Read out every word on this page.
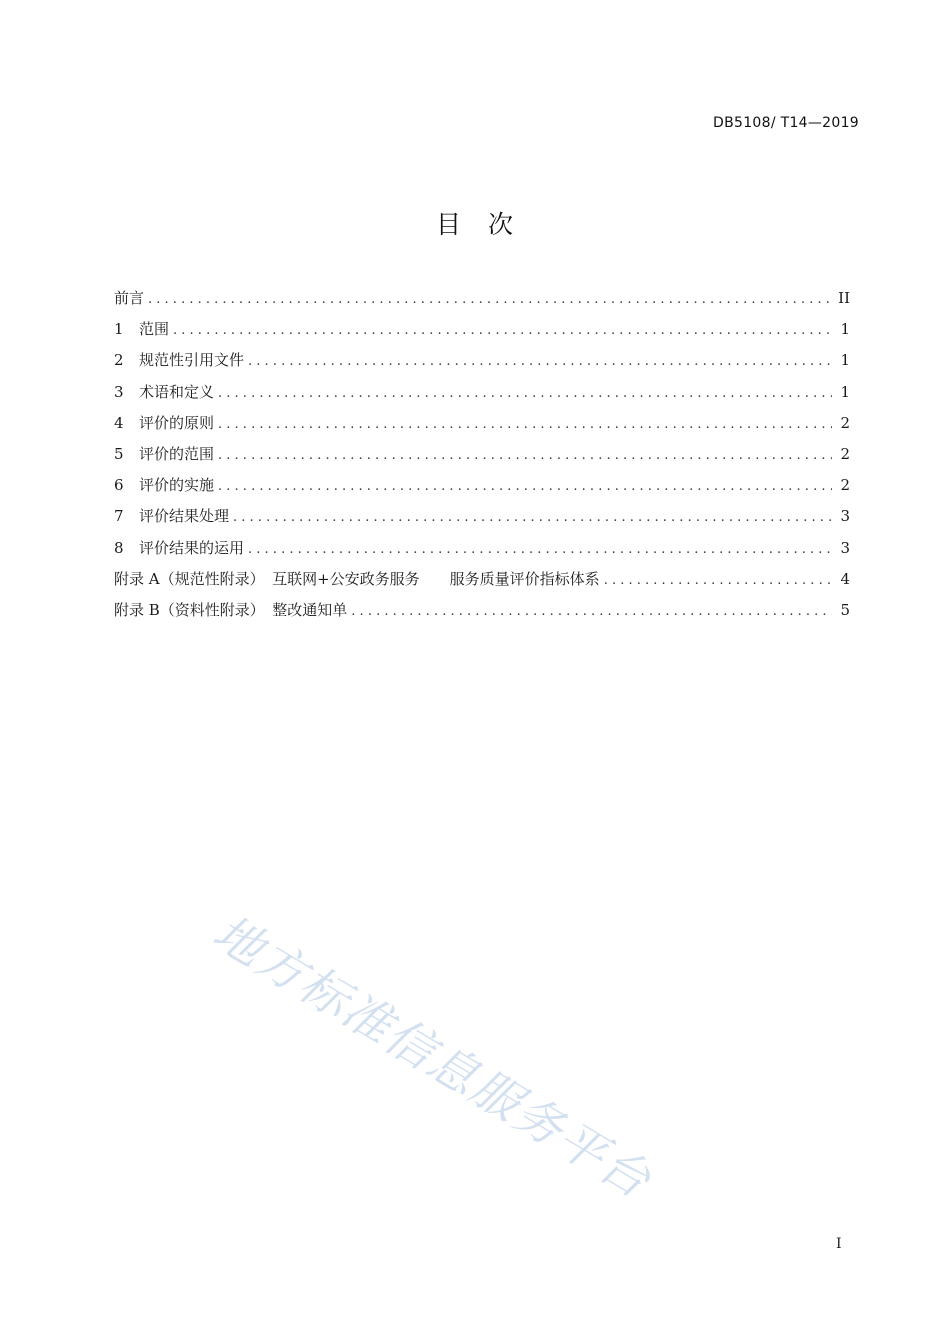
DB5108/ T14—2019
目　次
前言 . . .	II
1	范围 . . .	1
2	规范性引用文件 . . .	1
3	术语和定义 . . .	1
4	评价的原则 . . .	2
5	评价的范围 . . .	2
6	评价的实施 . . .	2
7	评价结果处理 . . .	3
8	评价结果的运用 . . .	3
附录 A（规范性附录）　互联网+公安政务服务　　服务质量评价指标体系 . . .	4
附录 B（资料性附录）　整改通知单 . . .	5
地方标准信息服务平台
I
